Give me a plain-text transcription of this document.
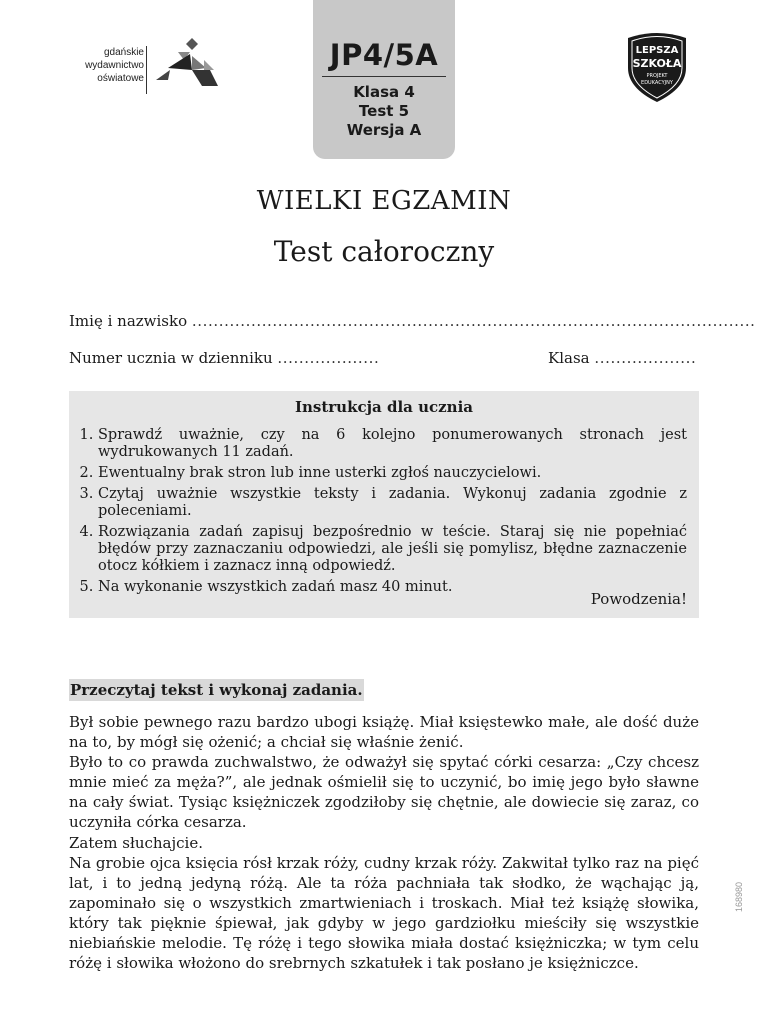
gdańskie
wydawnictwo
oświatowe
JP4/5A
Klasa 4
Test 5
Wersja A
LEPSZA
SZKOŁA
PROJEKT
EDUKACYJNY
WIELKI EGZAMIN
Test całoroczny
Imię i nazwisko .........................................................................................................
Numer ucznia w dzienniku ...................	Klasa ...................
Instrukcja dla ucznia
1. Sprawdź uważnie, czy na 6 kolejno ponumerowanych stronach jest wydrukowanych 11 zadań.
2. Ewentualny brak stron lub inne usterki zgłoś nauczycielowi.
3. Czytaj uważnie wszystkie teksty i zadania. Wykonuj zadania zgodnie z poleceniami.
4. Rozwiązania zadań zapisuj bezpośrednio w teście. Staraj się nie popełniać błędów przy zaznaczaniu odpowiedzi, ale jeśli się pomylisz, błędne zaznaczenie otocz kółkiem i zaznacz inną odpowiedź.
5. Na wykonanie wszystkich zadań masz 40 minut.
Powodzenia!
Przeczytaj tekst i wykonaj zadania.

Był sobie pewnego razu bardzo ubogi książę. Miał księstewko małe, ale dość duże na to, by mógł się ożenić; a chciał się właśnie żenić.

Było to co prawda zuchwalstwo, że odważył się spytać córki cesarza: „Czy chcesz mnie mieć za męża?”, ale jednak ośmielił się to uczynić, bo imię jego było sławne na cały świat. Tysiąc księżniczek zgodziłoby się chętnie, ale dowiecie się zaraz, co uczyniła córka cesarza.

Zatem słuchajcie.

Na grobie ojca księcia rósł krzak róży, cudny krzak róży. Zakwitał tylko raz na pięć lat, i to jedną jedyną różą. Ale ta róża pachniała tak słodko, że wąchając ją, zapominało się o wszystkich zmartwieniach i troskach. Miał też książę słowika, który tak pięknie śpiewał, jak gdyby w jego gardziołku mieściły się wszystkie niebiańskie melodie. Tę różę i tego słowika miała dostać księżniczka; w tym celu różę i słowika włożono do srebrnych szkatułek i tak posłano je księżniczce.

168980
